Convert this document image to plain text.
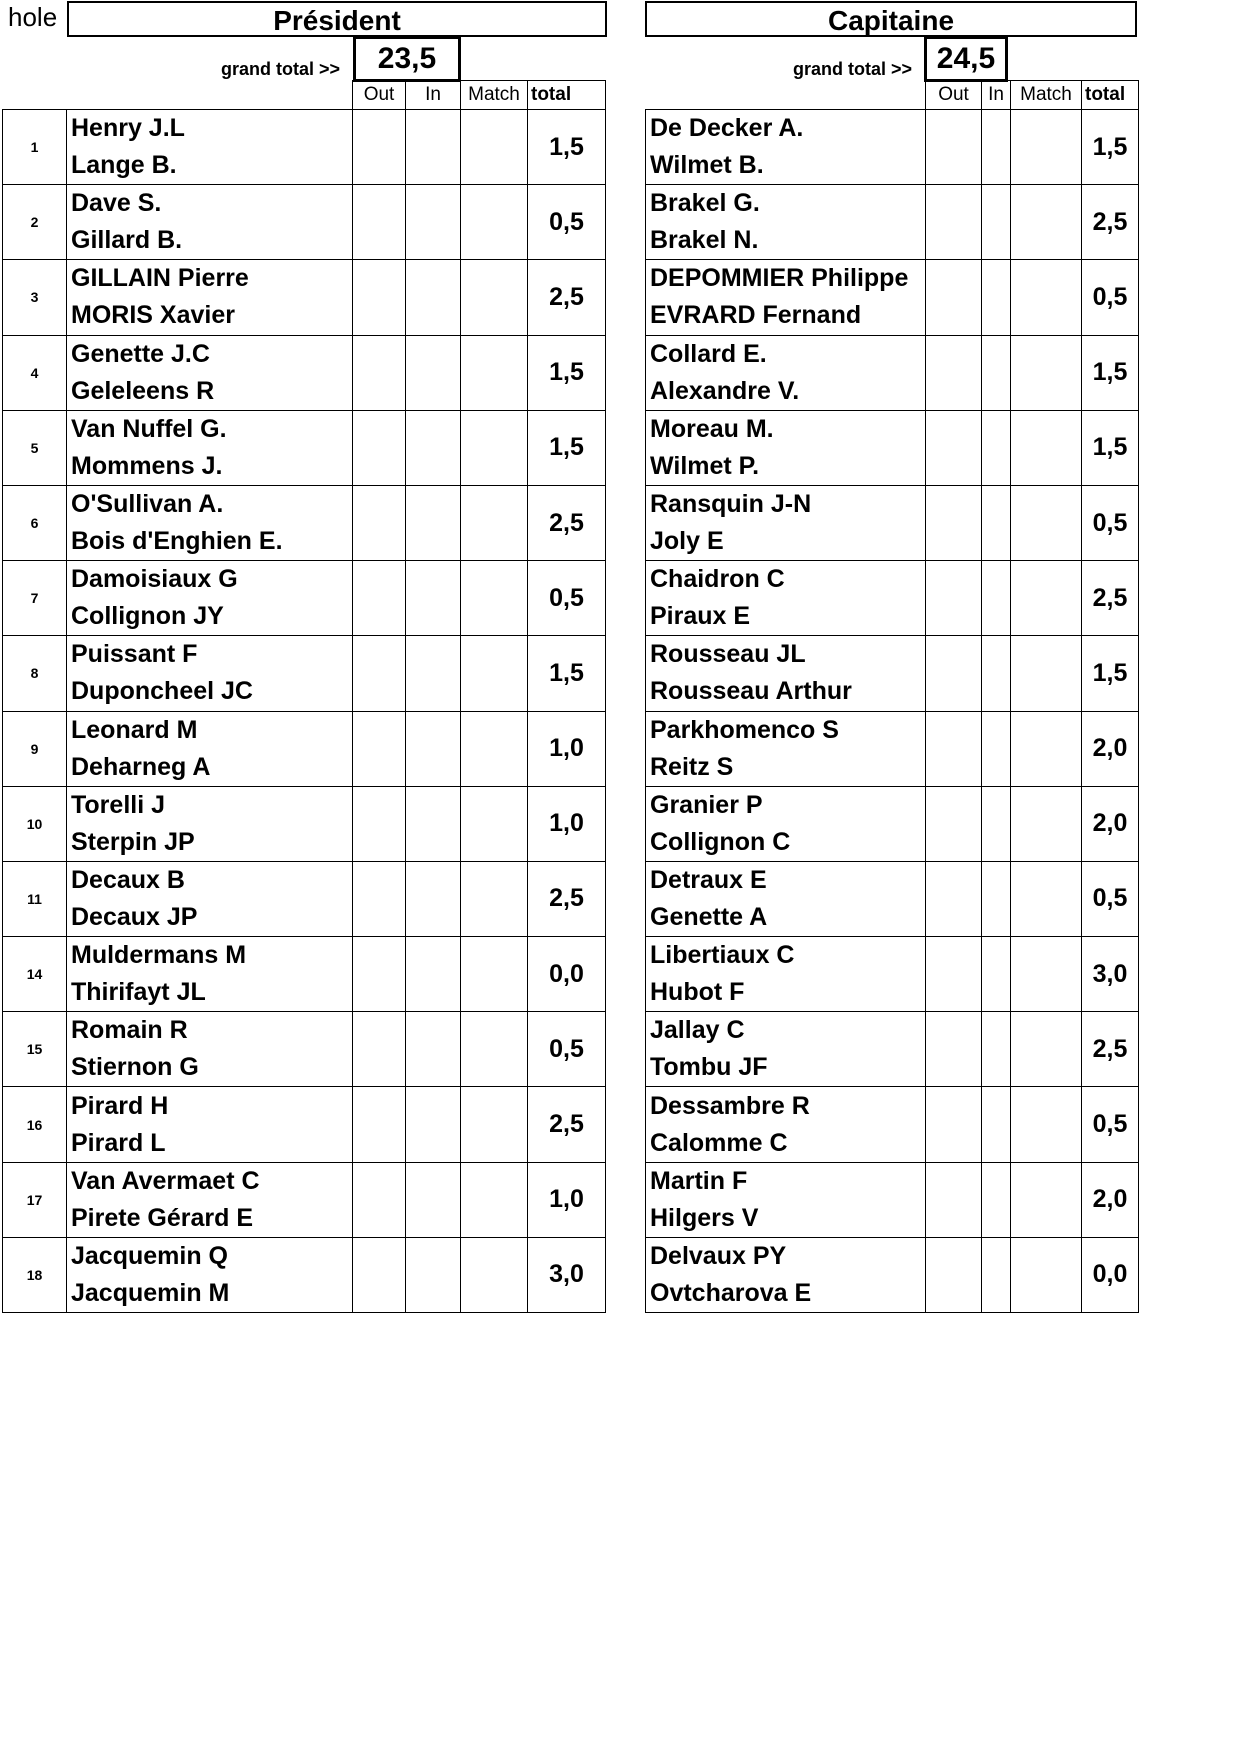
hole	Président	Capitaine
grand total >>	23,5	grand total >> 24,5
		Out	In	Match	total
1	Henry J.L
Lange B.				1,5
2	Dave S.
Gillard B.				0,5
3	GILLAIN Pierre
MORIS Xavier				2,5
4	Genette J.C
Geleleens R				1,5
5	Van Nuffel G.
Mommens J.				1,5
6	O'Sullivan A.
Bois d'Enghien E.				2,5
7	Damoisiaux G
Collignon JY				0,5
8	Puissant F
Duponcheel JC				1,5
9	Leonard M
Deharneg A				1,0
10	Torelli J
Sterpin JP				1,0
11	Decaux B
Decaux JP				2,5
14	Muldermans M
Thirifayt JL				0,0
15	Romain R
Stiernon G				0,5
16	Pirard H
Pirard L				2,5
17	Van Avermaet C
Pirete Gérard E				1,0
18	Jacquemin Q
Jacquemin M				3,0
	Out	In	Match	total

De Decker A.
Wilmet B.				1,5

Brakel G.
Brakel N.				2,5

DEPOMMIER Philippe
EVRARD Fernand				0,5

Collard E.
Alexandre V.				1,5

Moreau M.
Wilmet P.				1,5

Ransquin J-N
Joly E				0,5

Chaidron C
Piraux E				2,5

Rousseau JL
Rousseau Arthur				1,5

Parkhomenco S
Reitz S				2,0

Granier P
Collignon C				2,0

Detraux E
Genette A				0,5

Libertiaux C
Hubot F				3,0

Jallay C
Tombu JF				2,5

Dessambre R
Calomme C				0,5

Martin F
Hilgers V				2,0

Delvaux PY
Ovtcharova E				0,0
